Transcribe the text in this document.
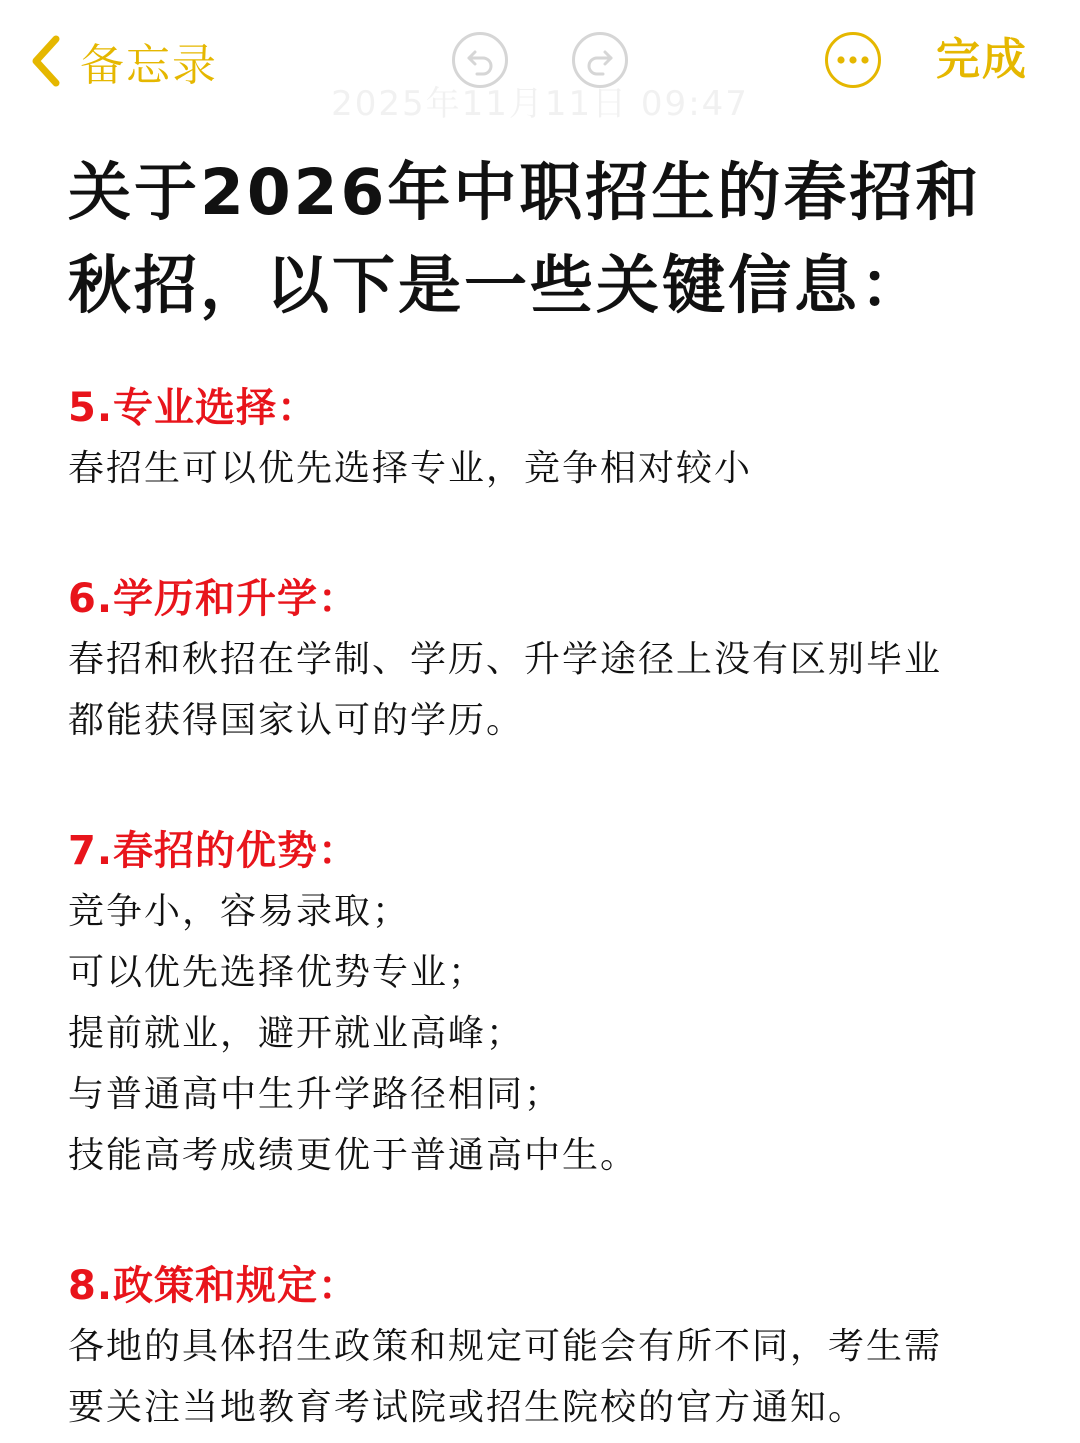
备忘录
2025年11月11日 09:47
完成
关于2026年中职招生的春招和秋招，以下是一些关键信息：
5.专业选择：
春招生可以优先选择专业，竞争相对较小
6.学历和升学：
春招和秋招在学制、学历、升学途径上没有区别毕业
都能获得国家认可的学历。
7.春招的优势：
竞争小，容易录取；
可以优先选择优势专业；
提前就业，避开就业高峰；
与普通高中生升学路径相同；
技能高考成绩更优于普通高中生。
8.政策和规定：
各地的具体招生政策和规定可能会有所不同，考生需
要关注当地教育考试院或招生院校的官方通知。
